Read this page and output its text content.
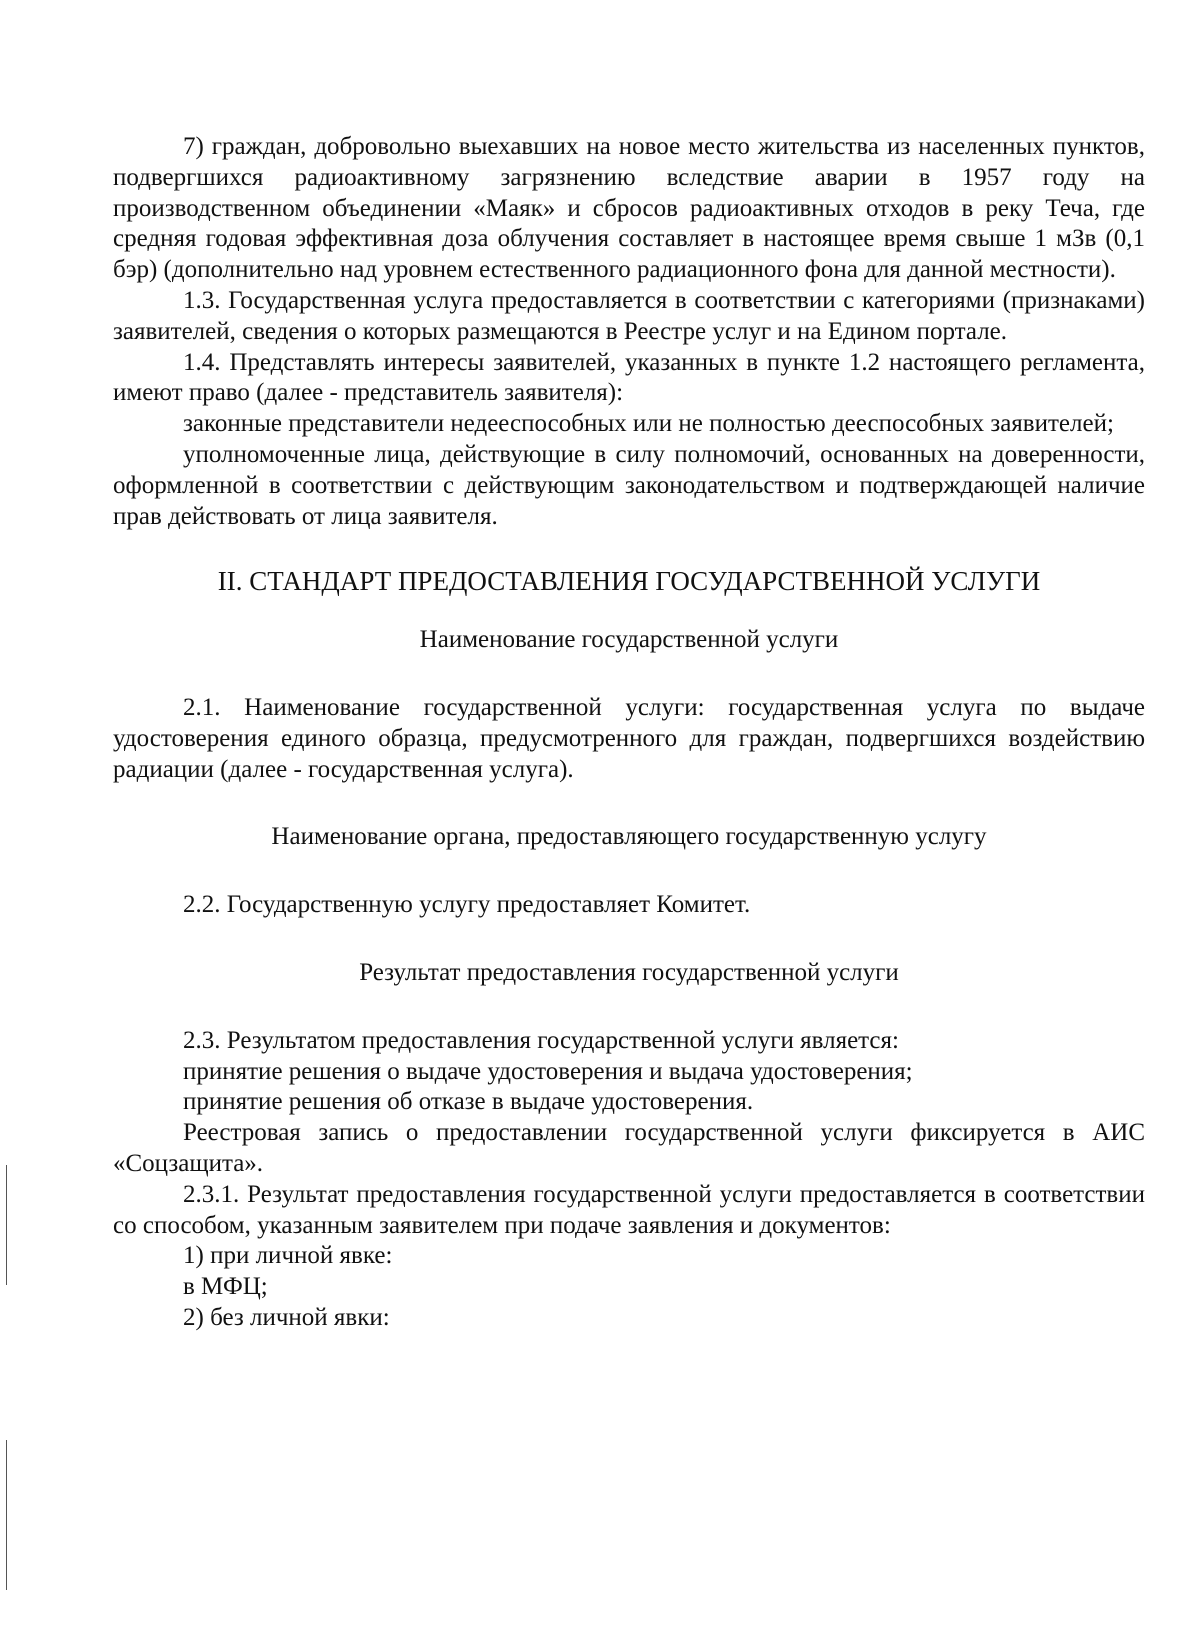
7) граждан, добровольно выехавших на новое место жительства из населенных пунктов, подвергшихся радиоактивному загрязнению вследствие аварии в 1957 году на производственном объединении «Маяк» и сбросов радиоактивных отходов в реку Теча, где средняя годовая эффективная доза облучения составляет в настоящее время свыше 1 мЗв (0,1 бэр) (дополнительно над уровнем естественного радиационного фона для данной местности).

1.3. Государственная услуга предоставляется в соответствии с категориями (признаками) заявителей, сведения о которых размещаются в Реестре услуг и на Едином портале.

1.4. Представлять интересы заявителей, указанных в пункте 1.2 настоящего регламента, имеют право (далее - представитель заявителя):

законные представители недееспособных или не полностью дееспособных заявителей;

уполномоченные лица, действующие в силу полномочий, основанных на доверенности, оформленной в соответствии с действующим законодательством и подтверждающей наличие прав действовать от лица заявителя.

II. СТАНДАРТ ПРЕДОСТАВЛЕНИЯ ГОСУДАРСТВЕННОЙ УСЛУГИ

Наименование государственной услуги

2.1. Наименование государственной услуги: государственная услуга по выдаче удостоверения единого образца, предусмотренного для граждан, подвергшихся воздействию радиации (далее - государственная услуга).

Наименование органа, предоставляющего государственную услугу

2.2. Государственную услугу предоставляет Комитет.

Результат предоставления государственной услуги

2.3. Результатом предоставления государственной услуги является:

принятие решения о выдаче удостоверения и выдача удостоверения;

принятие решения об отказе в выдаче удостоверения.

Реестровая запись о предоставлении государственной услуги фиксируется в АИС «Соцзащита».

2.3.1. Результат предоставления государственной услуги предоставляется в соответствии со способом, указанным заявителем при подаче заявления и документов:

1) при личной явке:

в МФЦ;

2) без личной явки:
